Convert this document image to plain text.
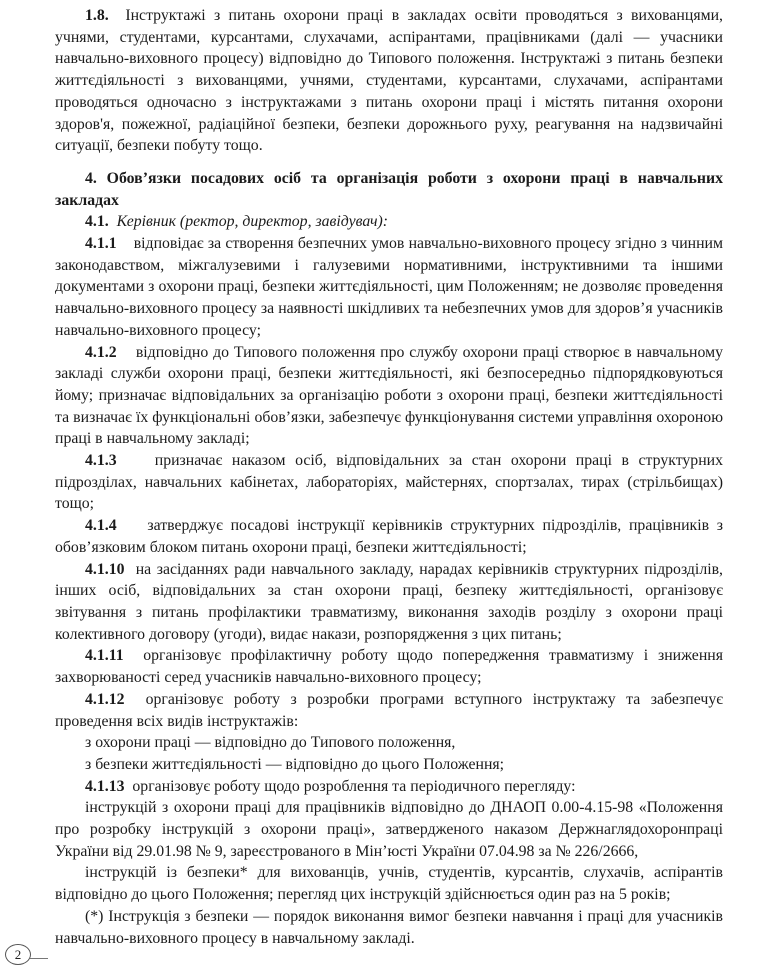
1.8. Інструктажі з питань охорони праці в закладах освіти проводяться з вихованцями, учнями, студентами, курсантами, слухачами, аспірантами, працівниками (далі — учасники навчально-виховного процесу) відповідно до Типового положення. Інструктажі з питань безпеки життєдіяльності з вихованцями, учнями, студентами, курсантами, слухачами, аспірантами проводяться одночасно з інструктажами з питань охорони праці і містять питання охорони здоров'я, пожежної, радіаційної безпеки, безпеки дорожнього руху, реагування на надзвичайні ситуації, безпеки побуту тощо.

4. Обов’язки посадових осіб та організація роботи з охорони праці в навчальних закладах

4.1. Керівник (ректор, директор, завідувач):

4.1.1 відповідає за створення безпечних умов навчально-виховного процесу згідно з чинним законодавством, міжгалузевими і галузевими нормативними, інструктивними та іншими документами з охорони праці, безпеки життєдіяльності, цим Положенням; не дозволяє проведення навчально-виховного процесу за наявності шкідливих та небезпечних умов для здоров’я учасників навчально-виховного процесу;

4.1.2 відповідно до Типового положення про службу охорони праці створює в навчальному закладі служби охорони праці, безпеки життєдіяльності, які безпосередньо підпорядковуються йому; призначає відповідальних за організацію роботи з охорони праці, безпеки життєдіяльності та визначає їх функціональні обов’язки, забезпечує функціонування системи управління охороною праці в навчальному закладі;

4.1.3 призначає наказом осіб, відповідальних за стан охорони праці в структурних підрозділах, навчальних кабінетах, лабораторіях, майстернях, спортзалах, тирах (стрільбищах) тощо;

4.1.4 затверджує посадові інструкції керівників структурних підрозділів, працівників з обов’язковим блоком питань охорони праці, безпеки життєдіяльності;

4.1.10 на засіданнях ради навчального закладу, нарадах керівників структурних підрозділів, інших осіб, відповідальних за стан охорони праці, безпеку життєдіяльності, організовує звітування з питань профілактики травматизму, виконання заходів розділу з охорони праці колективного договору (угоди), видає накази, розпорядження з цих питань;

4.1.11 організовує профілактичну роботу щодо попередження травматизму і зниження захворюваності серед учасників навчально-виховного процесу;

4.1.12 організовує роботу з розробки програми вступного інструктажу та забезпечує проведення всіх видів інструктажів:

з охорони праці — відповідно до Типового положення,

з безпеки життєдіяльності — відповідно до цього Положення;

4.1.13 організовує роботу щодо розроблення та періодичного перегляду:

інструкцій з охорони праці для працівників відповідно до ДНАОП 0.00-4.15-98 «Положення про розробку інструкцій з охорони праці», затвердженого наказом Держнаглядохоронпраці України від 29.01.98 № 9, зареєстрованого в Мін’юсті України 07.04.98 за № 226/2666,

інструкцій із безпеки* для вихованців, учнів, студентів, курсантів, слухачів, аспірантів відповідно до цього Положення; перегляд цих інструкцій здійснюється один раз на 5 років;

(*) Інструкція з безпеки — порядок виконання вимог безпеки навчання і праці для учасників навчально-виховного процесу в навчальному закладі.

2
